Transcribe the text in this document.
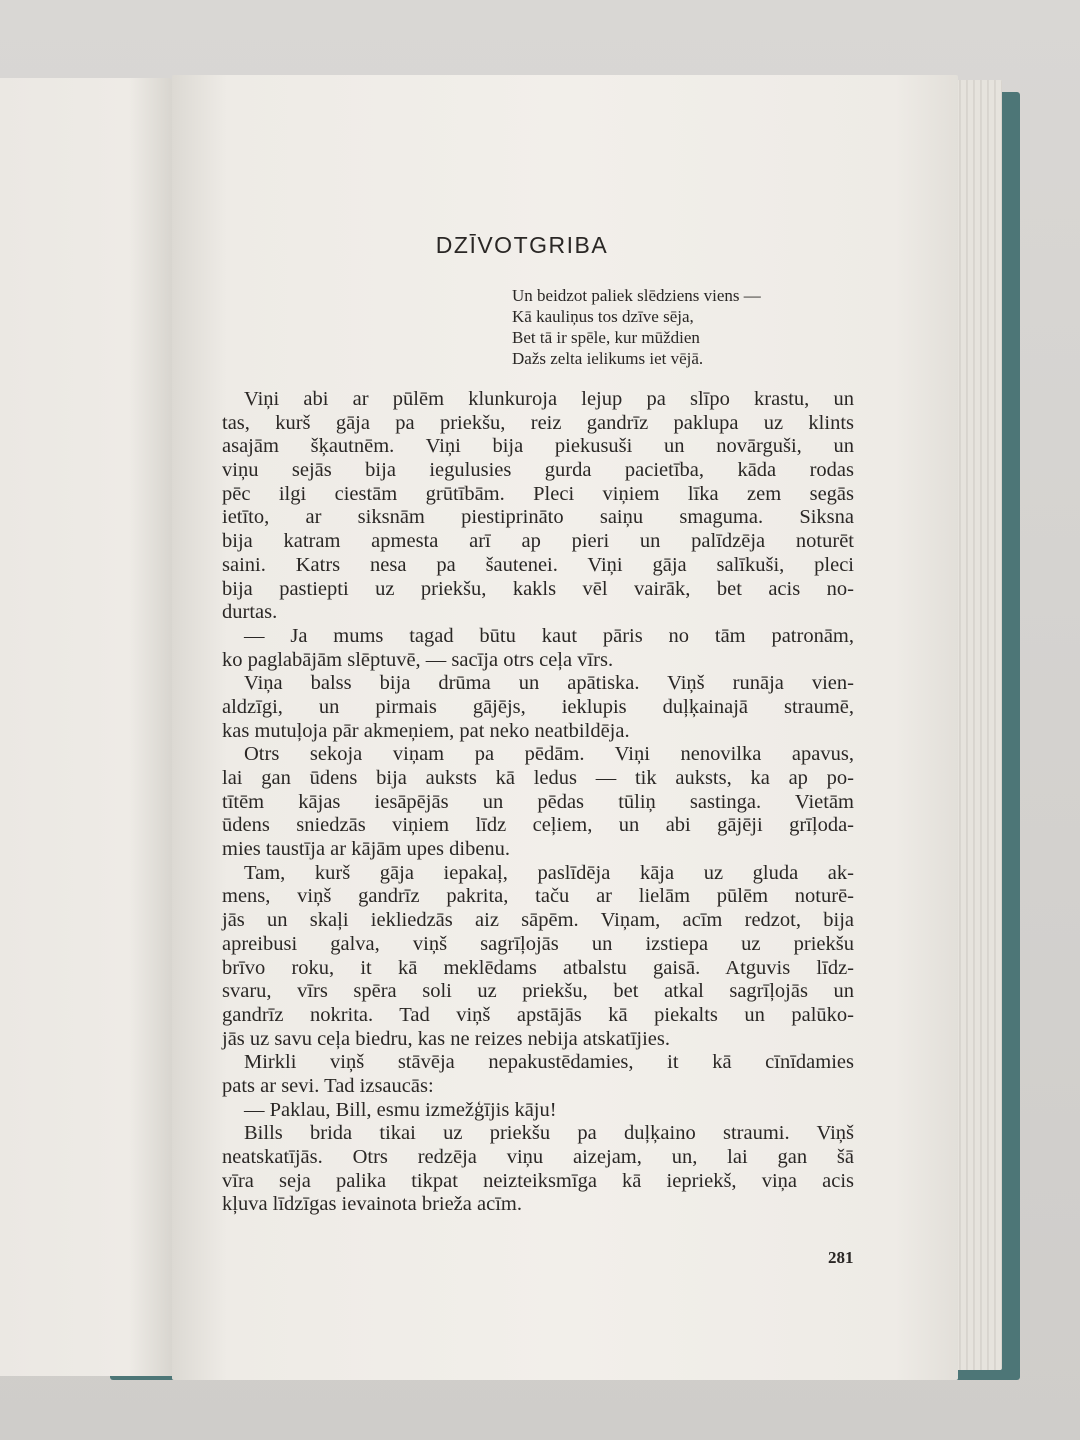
DZĪVOTGRIBA
Un beidzot paliek slēdziens viens —
Kā kauliņus tos dzīve sēja,
Bet tā ir spēle, kur mūždien
Dažs zelta ielikums iet vējā.
Viņi abi ar pūlēm klunkuroja lejup pa slīpo krastu, un
tas, kurš gāja pa priekšu, reiz gandrīz paklupa uz klints
asajām šķautnēm. Viņi bija piekusuši un novārguši, un
viņu sejās bija iegulusies gurda pacietība, kāda rodas
pēc ilgi ciestām grūtībām. Pleci viņiem līka zem segās
ietīto, ar siksnām piestiprināto saiņu smaguma. Siksna
bija katram apmesta arī ap pieri un palīdzēja noturēt
saini. Katrs nesa pa šautenei. Viņi gāja salīkuši, pleci
bija pastiepti uz priekšu, kakls vēl vairāk, bet acis no-
durtas.
— Ja mums tagad būtu kaut pāris no tām patronām,
ko paglabājām slēptuvē, — sacīja otrs ceļa vīrs.
Viņa balss bija drūma un apātiska. Viņš runāja vien-
aldzīgi, un pirmais gājējs, ieklupis duļķainajā straumē,
kas mutuļoja pār akmeņiem, pat neko neatbildēja.
Otrs sekoja viņam pa pēdām. Viņi nenovilka apavus,
lai gan ūdens bija auksts kā ledus — tik auksts, ka ap po-
tītēm kājas iesāpējās un pēdas tūliņ sastinga. Vietām
ūdens sniedzās viņiem līdz ceļiem, un abi gājēji grīļoda-
mies taustīja ar kājām upes dibenu.
Tam, kurš gāja iepakaļ, paslīdēja kāja uz gluda ak-
mens, viņš gandrīz pakrita, taču ar lielām pūlēm noturē-
jās un skaļi iekliedzās aiz sāpēm. Viņam, acīm redzot, bija
apreibusi galva, viņš sagrīļojās un izstiepa uz priekšu
brīvo roku, it kā meklēdams atbalstu gaisā. Atguvis līdz-
svaru, vīrs spēra soli uz priekšu, bet atkal sagrīļojās un
gandrīz nokrita. Tad viņš apstājās kā piekalts un palūko-
jās uz savu ceļa biedru, kas ne reizes nebija atskatījies.
Mirkli viņš stāvēja nepakustēdamies, it kā cīnīdamies
pats ar sevi. Tad izsaucās:
— Paklau, Bill, esmu izmežģījis kāju!
Bills brida tikai uz priekšu pa duļķaino straumi. Viņš
neatskatījās. Otrs redzēja viņu aizejam, un, lai gan šā
vīra seja palika tikpat neizteiksmīga kā iepriekš, viņa acis
kļuva līdzīgas ievainota brieža acīm.
281
